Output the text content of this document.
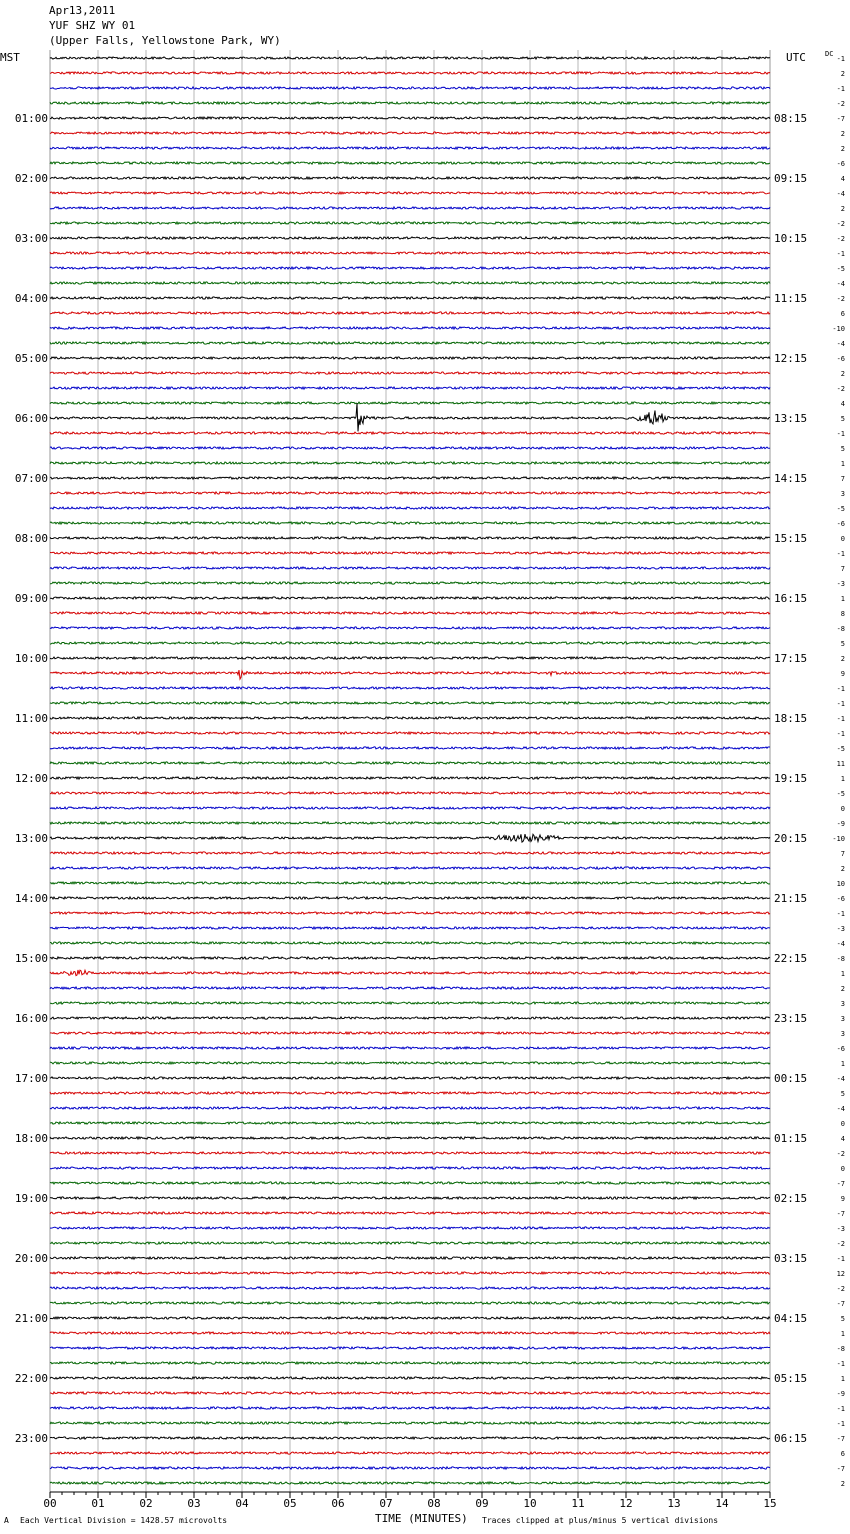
Apr13,2011
YUF SHZ WY 01
(Upper Falls, Yellowstone Park, WY)
01:00
02:00
03:00
04:00
05:00
06:00
07:00
08:00
09:00
10:00
11:00
12:00
13:00
14:00
15:00
16:00
17:00
18:00
19:00
20:00
21:00
22:00
23:00
08:15
09:15
10:15
11:15
12:15
13:15
14:15
15:15
16:15
17:15
18:15
19:15
20:15
21:15
22:15
23:15
00:15
01:15
02:15
03:15
04:15
05:15
06:15
-1
2
-1
-2
-7
2
2
-6
4
-4
2
-2
-2
-1
-5
-4
-2
6
-10
-4
-6
2
-2
4
5
-1
5
1
7
3
-5
-6
0
-1
7
-3
1
8
-8
5
2
9
-1
-1
-1
-1
-5
11
1
-5
0
-9
-10
7
2
10
-6
-1
-3
-4
-8
1
2
3
3
3
-6
1
-4
5
-4
0
4
-2
0
-7
9
-7
-3
-2
-1
12
-2
-7
5
1
-8
-1
1
-9
-1
-1
-7
6
-7
2
00	01	02	03	04	05	06	07	08	09	10	11	12	13	14	15
MST	UTC	DC
A Each Vertical Division = 1428.57 microvolts	TIME (MINUTES) Traces clipped at plus/minus 5 vertical divisions
